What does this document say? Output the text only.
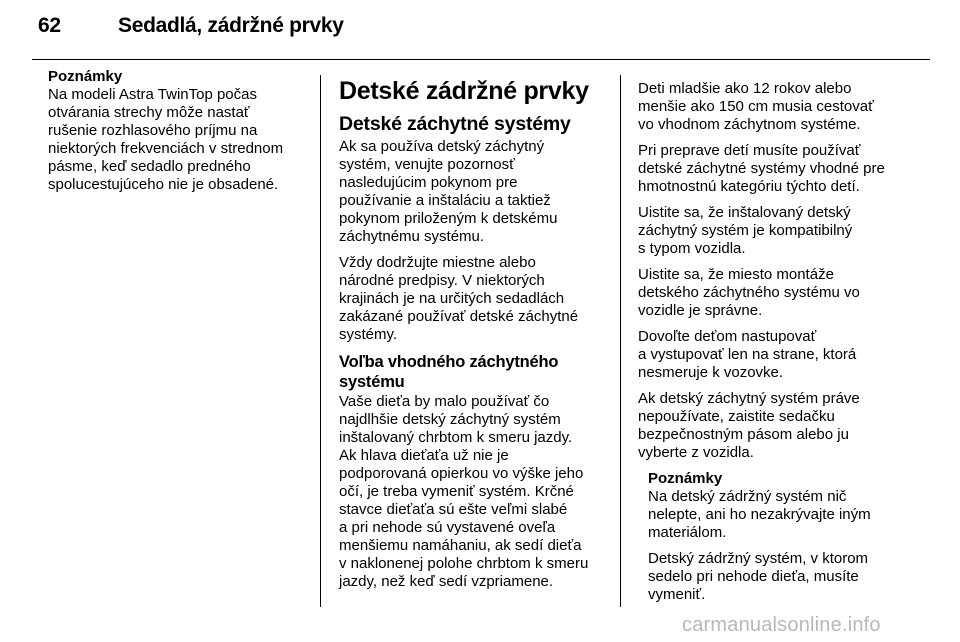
62	Sedadlá, zádržné prvky
Poznámky

Na modeli Astra TwinTop počas
otvárania strechy môže nastať
rušenie rozhlasového príjmu na
niektorých frekvenciách v strednom
pásme, keď sedadlo predného
spolucestujúceho nie je obsadené.

Detské zádržné prvky
Detské záchytné systémy

Ak sa používa detský záchytný
systém, venujte pozornosť
nasledujúcim pokynom pre
používanie a inštaláciu a taktiež
pokynom priloženým k detskému
záchytnému systému.

Vždy dodržujte miestne alebo
národné predpisy. V niektorých
krajinách je na určitých sedadlách
zakázané používať detské záchytné
systémy.

Voľba vhodného záchytného
systému

Vaše dieťa by malo používať čo
najdlhšie detský záchytný systém
inštalovaný chrbtom k smeru jazdy.
Ak hlava dieťaťa už nie je
podporovaná opierkou vo výške jeho
očí, je treba vymeniť systém. Krčné
stavce dieťaťa sú ešte veľmi slabé
a pri nehode sú vystavené oveľa
menšiemu namáhaniu, ak sedí dieťa
v naklonenej polohe chrbtom k smeru
jazdy, než keď sedí vzpriamene.

Deti mladšie ako 12 rokov alebo
menšie ako 150 cm musia cestovať
vo vhodnom záchytnom systéme.

Pri preprave detí musíte používať
detské záchytné systémy vhodné pre
hmotnostnú kategóriu týchto detí.

Uistite sa, že inštalovaný detský
záchytný systém je kompatibilný
s typom vozidla.

Uistite sa, že miesto montáže
detského záchytného systému vo
vozidle je správne.

Dovoľte deťom nastupovať
a vystupovať len na strane, ktorá
nesmeruje k vozovke.

Ak detský záchytný systém práve
nepoužívate, zaistite sedačku
bezpečnostným pásom alebo ju
vyberte z vozidla.

Poznámky

Na detský zádržný systém nič
nelepte, ani ho nezakrývajte iným
materiálom.

Detský zádržný systém, v ktorom
sedelo pri nehode dieťa, musíte
vymeniť.

carmanualsonline.info
